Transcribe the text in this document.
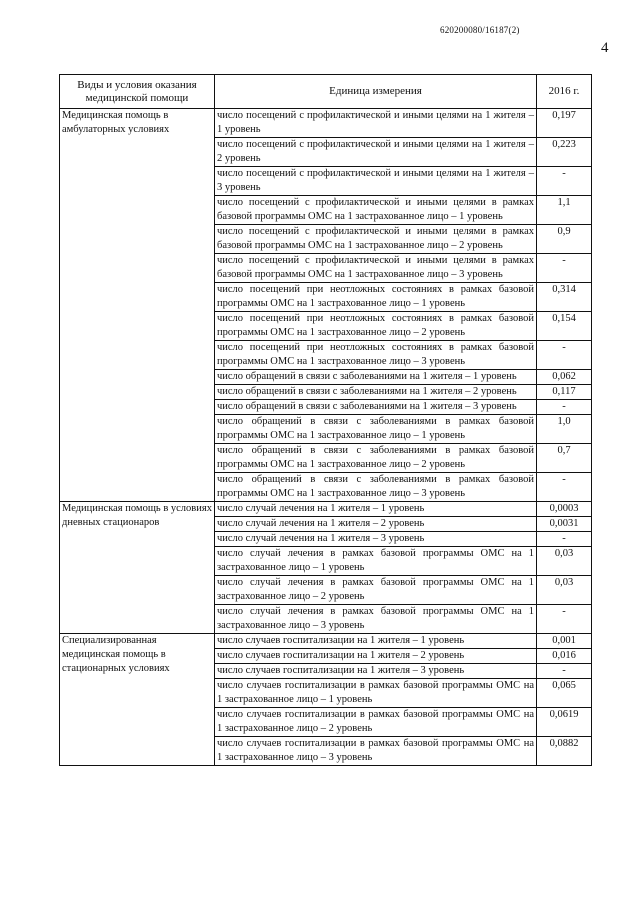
620200080/16187(2)
4
Виды и условия оказания медицинской помощи	Единица измерения	2016 г.
Медицинская помощь в амбулаторных условиях	число посещений с профилактической и иными целями на 1 жителя – 1 уровень	0,197
	число посещений с профилактической и иными целями на 1 жителя – 2 уровень	0,223
	число посещений с профилактической и иными целями на 1 жителя – 3 уровень	-
	число посещений с профилактической и иными целями в рамках базовой программы ОМС на 1 застрахованное лицо – 1 уровень	1,1
	число посещений с профилактической и иными целями в рамках базовой программы ОМС на 1 застрахованное лицо – 2 уровень	0,9
	число посещений с профилактической и иными целями в рамках базовой программы ОМС на 1 застрахованное лицо – 3 уровень	-
	число посещений при неотложных состояниях в рамках базовой программы ОМС на 1 застрахованное лицо – 1 уровень	0,314
	число посещений при неотложных состояниях в рамках базовой программы ОМС на 1 застрахованное лицо – 2 уровень	0,154
	число посещений при неотложных состояниях в рамках базовой программы ОМС на 1 застрахованное лицо – 3 уровень	-
	число обращений в связи с заболеваниями на 1 жителя – 1 уровень	0,062
	число обращений в связи с заболеваниями на 1 жителя – 2 уровень	0,117
	число обращений в связи с заболеваниями на 1 жителя – 3 уровень	-
	число обращений в связи с заболеваниями в рамках базовой программы ОМС на 1 застрахованное лицо – 1 уровень	1,0
	число обращений в связи с заболеваниями в рамках базовой программы ОМС на 1 застрахованное лицо – 2 уровень	0,7
	число обращений в связи с заболеваниями в рамках базовой программы ОМС на 1 застрахованное лицо – 3 уровень	-
Медицинская помощь в условиях дневных стационаров	число случай лечения на 1 жителя – 1 уровень	0,0003
	число случай лечения на 1 жителя – 2 уровень	0,0031
	число случай лечения на 1 жителя – 3 уровень	-
	число случай лечения в рамках базовой программы ОМС на 1 застрахованное лицо – 1 уровень	0,03
	число случай лечения в рамках базовой программы ОМС на 1 застрахованное лицо – 2 уровень	0,03
	число случай лечения в рамках базовой программы ОМС на 1 застрахованное лицо – 3 уровень	-
Специализированная медицинская помощь в стационарных условиях	число случаев госпитализации на 1 жителя – 1 уровень	0,001
	число случаев госпитализации на 1 жителя – 2 уровень	0,016
	число случаев госпитализации на 1 жителя – 3 уровень	-
	число случаев госпитализации в рамках базовой программы ОМС на 1 застрахованное лицо – 1 уровень	0,065
	число случаев госпитализации в рамках базовой программы ОМС на 1 застрахованное лицо – 2 уровень	0,0619
	число случаев госпитализации в рамках базовой программы ОМС на 1 застрахованное лицо – 3 уровень	0,0882
